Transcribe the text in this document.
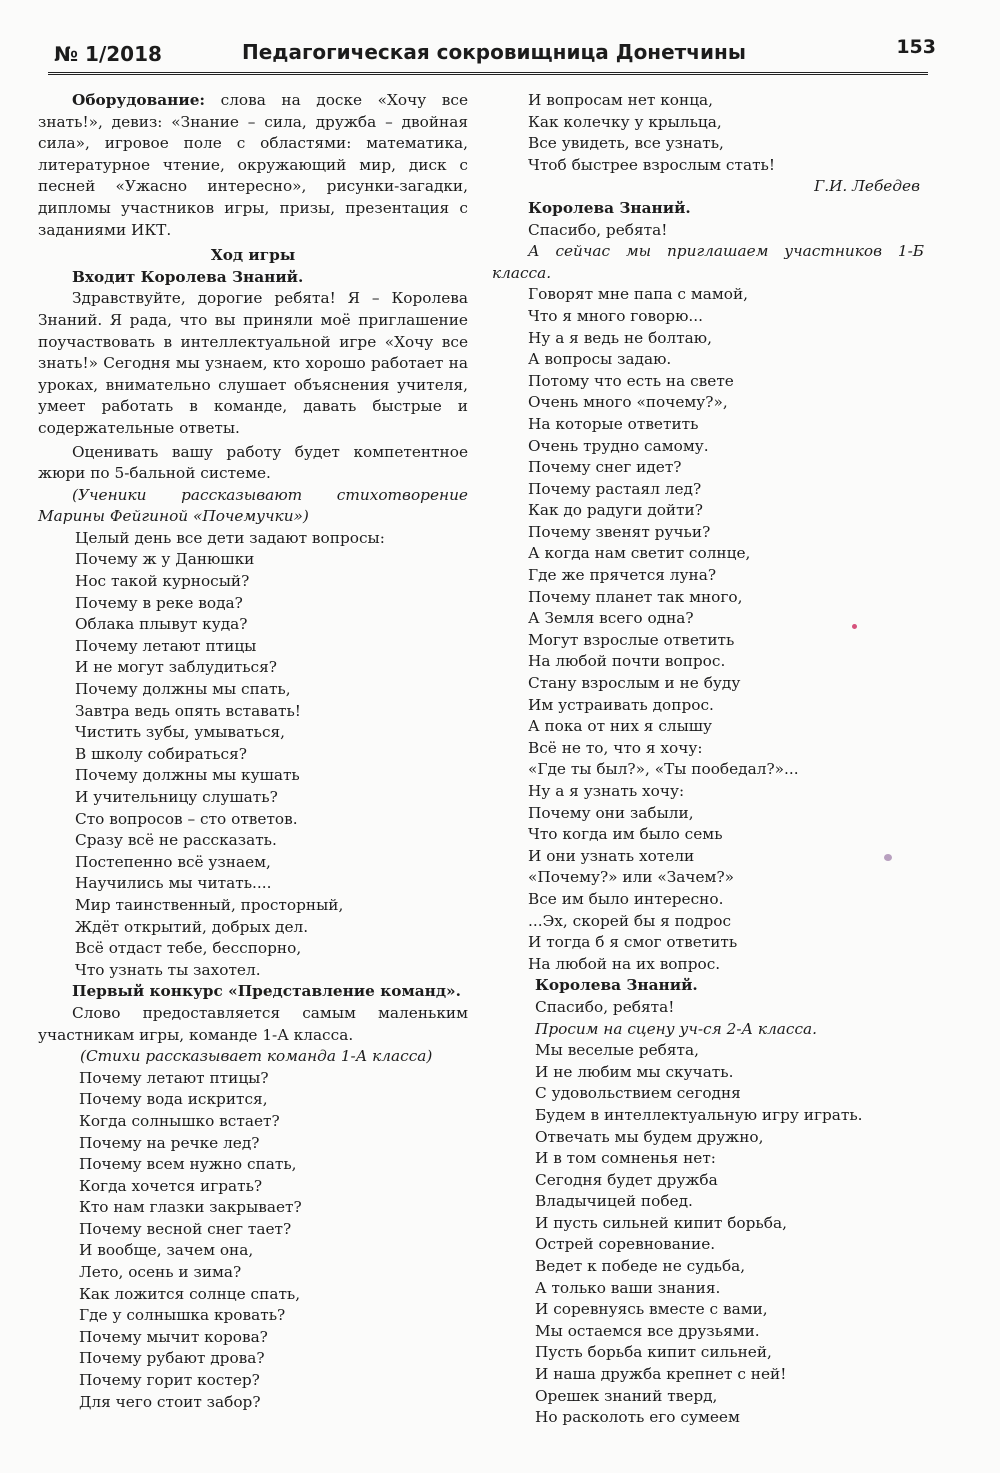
№ 1/2018	Педагогическая сокровищница Донетчины	153

Оборудование: слова на доске «Хочу все знать!», девиз: «Знание – сила, дружба – двойная сила», игровое поле с областями: математика, литературное чтение, окружающий мир, диск с песней «Ужасно интересно», рисунки-загадки, дипломы участников игры, призы, презентация с заданиями ИКТ.

Ход игры

Входит Королева Знаний.

Здравствуйте, дорогие ребята! Я – Королева Знаний. Я рада, что вы приняли моё приглашение поучаствовать в интеллектуальной игре «Хочу все знать!» Сегодня мы узнаем, кто хорошо работает на уроках, внимательно слушает объяснения учителя, умеет работать в команде, давать быстрые и содержательные ответы.

Оценивать вашу работу будет компетентное жюри по 5-бальной системе.

(Ученики рассказывают стихотворение Марины Фейгиной «Почемучки»)

Целый день все дети задают вопросы:

Почему ж у Данюшки

Нос такой курносый?

Почему в реке вода?

Облака плывут куда?

Почему летают птицы

И не могут заблудиться?

Почему должны мы спать,

Завтра ведь опять вставать!

Чистить зубы, умываться,

В школу собираться?

Почему должны мы кушать

И учительницу слушать?

Сто вопросов – сто ответов.

Сразу всё не рассказать.

Постепенно всё узнаем,

Научились мы читать....

Мир таинственный, просторный,

Ждёт открытий, добрых дел.

Всё отдаст тебе, бесспорно,

Что узнать ты захотел.

Первый конкурс «Представление команд».

Слово предоставляется самым маленьким участникам игры, команде 1-А класса.

(Стихи рассказывает команда 1-А класса)

Почему летают птицы?

Почему вода искрится,

Когда солнышко встает?

Почему на речке лед?

Почему всем нужно спать,

Когда хочется играть?

Кто нам глазки закрывает?

Почему весной снег тает?

И вообще, зачем она,

Лето, осень и зима?

Как ложится солнце спать,

Где у солнышка кровать?

Почему мычит корова?

Почему рубают дрова?

Почему горит костер?

Для чего стоит забор?

И вопросам нет конца,

Как колечку у крыльца,

Все увидеть, все узнать,

Чтоб быстрее взрослым стать!

Г.И. Лебедев

Королева Знаний.

Спасибо, ребята!

А сейчас мы приглашаем участников 1-Б класса.

Говорят мне папа с мамой,

Что я много говорю...

Ну а я ведь не болтаю,

А вопросы задаю.

Потому что есть на свете

Очень много «почему?»,

На которые ответить

Очень трудно самому.

Почему снег идет?

Почему растаял лед?

Как до радуги дойти?

Почему звенят ручьи?

А когда нам светит солнце,

Где же прячется луна?

Почему планет так много,

А Земля всего одна?

Могут взрослые ответить

На любой почти вопрос.

Стану взрослым и не буду

Им устраивать допрос.

А пока от них я слышу

Всё не то, что я хочу:

«Где ты был?», «Ты пообедал?»...

Ну а я узнать хочу:

Почему они забыли,

Что когда им было семь

И они узнать хотели

«Почему?» или «Зачем?»

Все им было интересно.

...Эх, скорей бы я подрос

И тогда б я смог ответить

На любой на их вопрос.

Королева Знаний.

Спасибо, ребята!

Просим на сцену уч-ся 2-А класса.

Мы веселые ребята,

И не любим мы скучать.

С удовольствием сегодня

Будем в интеллектуальную игру играть.

Отвечать мы будем дружно,

И в том сомненья нет:

Сегодня будет дружба

Владычицей побед.

И пусть сильней кипит борьба,

Острей соревнование.

Ведет к победе не судьба,

А только ваши знания.

И соревнуясь вместе с вами,

Мы остаемся все друзьями.

Пусть борьба кипит сильней,

И наша дружба крепнет с ней!

Орешек знаний тверд,

Но расколоть его сумеем
